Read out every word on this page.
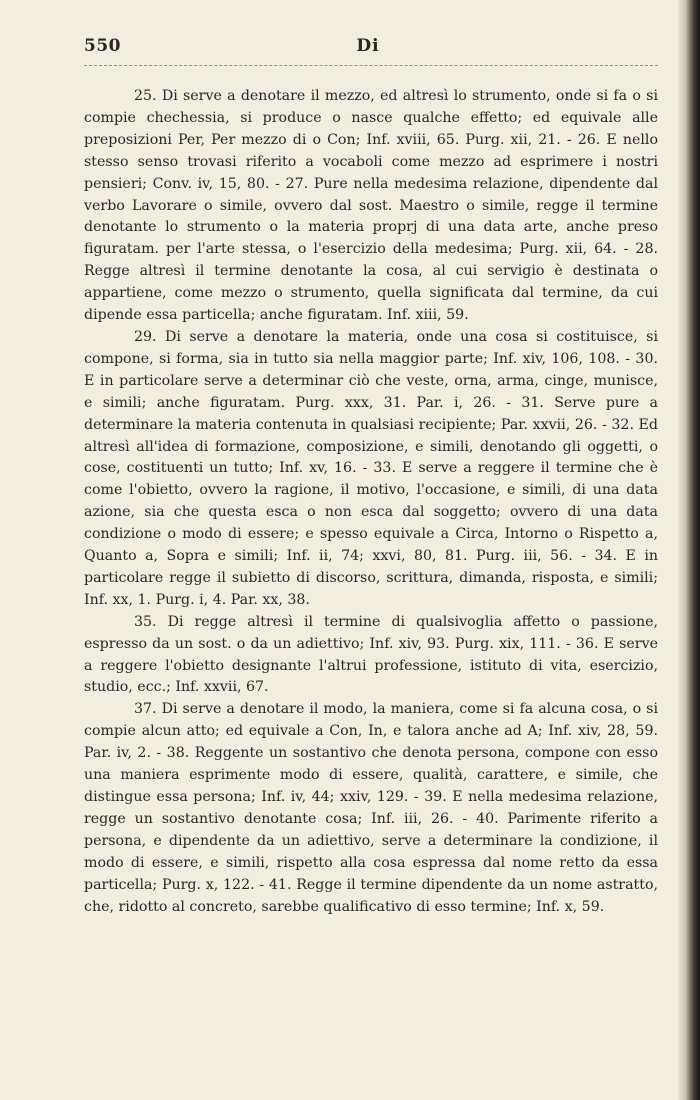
550	Di

25. Di serve a denotare il mezzo, ed altresì lo strumento, onde si fa o si compie chechessia, si produce o nasce qualche effetto; ed equivale alle preposizioni Per, Per mezzo di o Con; Inf. xviii, 65. Purg. xii, 21. - 26. E nello stesso senso trovasi riferito a vocaboli come mezzo ad esprimere i nostri pensieri; Conv. iv, 15, 80. - 27. Pure nella medesima relazione, dipendente dal verbo Lavorare o simile, ovvero dal sost. Maestro o simile, regge il termine denotante lo strumento o la materia proprj di una data arte, anche preso figuratam. per l'arte stessa, o l'esercizio della medesima; Purg. xii, 64. - 28. Regge altresì il termine denotante la cosa, al cui servigio è destinata o appartiene, come mezzo o strumento, quella significata dal termine, da cui dipende essa particella; anche figuratam. Inf. xiii, 59.

29. Di serve a denotare la materia, onde una cosa si costituisce, si compone, si forma, sia in tutto sia nella maggior parte; Inf. xiv, 106, 108. - 30. E in particolare serve a determinar ciò che veste, orna, arma, cinge, munisce, e simili; anche figuratam. Purg. xxx, 31. Par. i, 26. - 31. Serve pure a determinare la materia contenuta in qualsiasi recipiente; Par. xxvii, 26. - 32. Ed altresì all'idea di formazione, composizione, e simili, denotando gli oggetti, o cose, costituenti un tutto; Inf. xv, 16. - 33. E serve a reggere il termine che è come l'obietto, ovvero la ragione, il motivo, l'occasione, e simili, di una data azione, sia che questa esca o non esca dal soggetto; ovvero di una data condizione o modo di essere; e spesso equivale a Circa, Intorno o Rispetto a, Quanto a, Sopra e simili; Inf. ii, 74; xxvi, 80, 81. Purg. iii, 56. - 34. E in particolare regge il subietto di discorso, scrittura, dimanda, risposta, e simili; Inf. xx, 1. Purg. i, 4. Par. xx, 38.

35. Di regge altresì il termine di qualsivoglia affetto o passione, espresso da un sost. o da un adiettivo; Inf. xiv, 93. Purg. xix, 111. - 36. E serve a reggere l'obietto designante l'altrui professione, istituto di vita, esercizio, studio, ecc.; Inf. xxvii, 67.

37. Di serve a denotare il modo, la maniera, come si fa alcuna cosa, o si compie alcun atto; ed equivale a Con, In, e talora anche ad A; Inf. xiv, 28, 59. Par. iv, 2. - 38. Reggente un sostantivo che denota persona, compone con esso una maniera esprimente modo di essere, qualità, carattere, e simile, che distingue essa persona; Inf. iv, 44; xxiv, 129. - 39. E nella medesima relazione, regge un sostantivo denotante cosa; Inf. iii, 26. - 40. Parimente riferito a persona, e dipendente da un adiettivo, serve a determinare la condizione, il modo di essere, e simili, rispetto alla cosa espressa dal nome retto da essa particella; Purg. x, 122. - 41. Regge il termine dipendente da un nome astratto, che, ridotto al concreto, sarebbe qualificativo di esso termine; Inf. x, 59.
